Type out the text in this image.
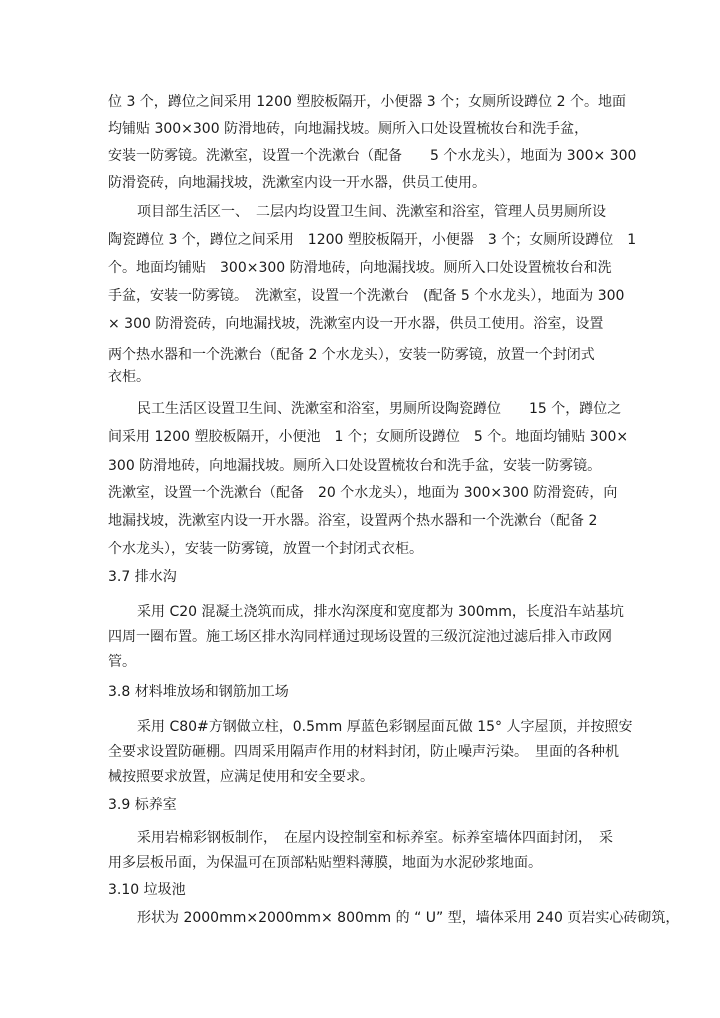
位 3 个，蹲位之间采用 1200 塑胶板隔开，小便器 3 个；女厕所设蹲位 2 个。地面
均铺贴 300×300 防滑地砖，向地漏找坡。厕所入口处设置梳妆台和洗手盆，
安装一防雾镜。洗漱室，设置一个洗漱台（配备　　5 个水龙头），地面为 300× 300
防滑瓷砖，向地漏找坡，洗漱室内设一开水器，供员工使用。
项目部生活区一、　二层内均设置卫生间、洗漱室和浴室，管理人员男厕所设
陶瓷蹲位 3 个，蹲位之间采用　1200 塑胶板隔开，小便器　3 个；女厕所设蹲位　1
个。地面均铺贴　300×300 防滑地砖，向地漏找坡。厕所入口处设置梳妆台和洗
手盆，安装一防雾镜。　洗漱室，设置一个洗漱台　(配备 5 个水龙头），地面为 300
× 300 防滑瓷砖，向地漏找坡，洗漱室内设一开水器，供员工使用。浴室，设置
两个热水器和一个洗漱台（配备 2 个水龙头），安装一防雾镜，放置一个封闭式
衣柜。
民工生活区设置卫生间、洗漱室和浴室，男厕所设陶瓷蹲位　　15 个，蹲位之
间采用 1200 塑胶板隔开，小便池　1 个；女厕所设蹲位　5 个。地面均铺贴 300×
300 防滑地砖，向地漏找坡。厕所入口处设置梳妆台和洗手盆，安装一防雾镜。
洗漱室，设置一个洗漱台（配备　20 个水龙头），地面为 300×300 防滑瓷砖，向
地漏找坡，洗漱室内设一开水器。浴室，设置两个热水器和一个洗漱台（配备 2
个水龙头），安装一防雾镜，放置一个封闭式衣柜。
3.7 排水沟
采用 C20 混凝土浇筑而成，排水沟深度和宽度都为 300mm，长度沿车站基坑
四周一圈布置。施工场区排水沟同样通过现场设置的三级沉淀池过滤后排入市政网
管。
3.8 材料堆放场和钢筋加工场
采用 C80#方钢做立柱，0.5mm 厚蓝色彩钢屋面瓦做 15° 人字屋顶，并按照安
全要求设置防砸棚。四周采用隔声作用的材料封闭，防止噪声污染。　里面的各种机
械按照要求放置，应满足使用和安全要求。
3.9 标养室
采用岩棉彩钢板制作，　在屋内设控制室和标养室。标养室墙体四面封闭，　采
用多层板吊面，为保温可在顶部粘贴塑料薄膜，地面为水泥砂浆地面。
3.10 垃圾池
形状为 2000mm×2000mm× 800mm 的 “ U” 型，墙体采用 240 页岩实心砖砌筑，
